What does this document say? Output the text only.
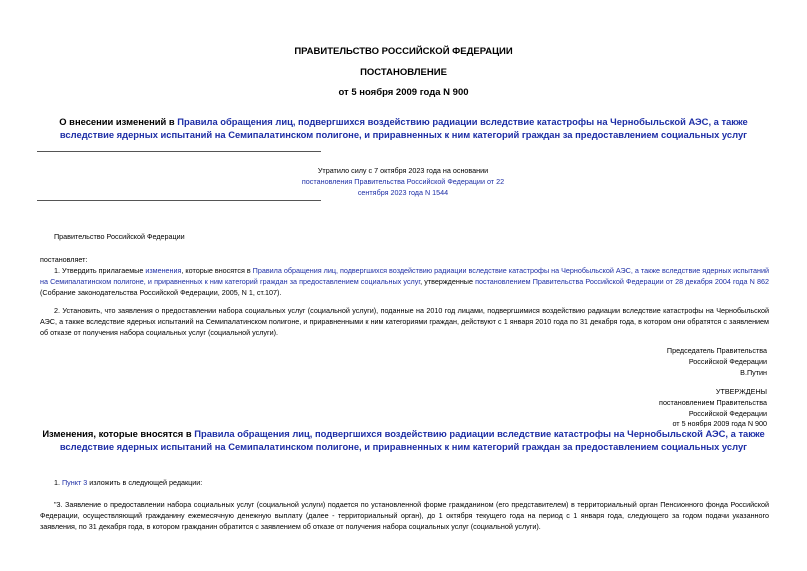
ПРАВИТЕЛЬСТВО РОССИЙСКОЙ ФЕДЕРАЦИИ
ПОСТАНОВЛЕНИЕ
от 5 ноября 2009 года N 900
О внесении изменений в Правила обращения лиц, подвергшихся воздействию радиации вследствие катастрофы на Чернобыльской АЭС, а также вследствие ядерных испытаний на Семипалатинском полигоне, и приравненных к ним категорий граждан за предоставлением социальных услуг
Утратило силу с 7 октября 2023 года на основании
постановления Правительства Российской Федерации от 22 сентября 2023 года N 1544
Правительство Российской Федерации
постановляет:
1. Утвердить прилагаемые изменения, которые вносятся в Правила обращения лиц, подвергшихся воздействию радиации вследствие катастрофы на Чернобыльской АЭС, а также вследствие ядерных испытаний на Семипалатинском полигоне, и приравненных к ним категорий граждан за предоставлением социальных услуг, утвержденные постановлением Правительства Российской Федерации от 28 декабря 2004 года N 862 (Собрание законодательства Российской Федерации, 2005, N 1, ст.107).
2. Установить, что заявления о предоставлении набора социальных услуг (социальной услуги), поданные на 2010 год лицами, подвергшимися воздействию радиации вследствие катастрофы на Чернобыльской АЭС, а также вследствие ядерных испытаний на Семипалатинском полигоне, и приравненными к ним категориями граждан, действуют с 1 января 2010 года по 31 декабря года, в котором они обратятся с заявлением об отказе от получения набора социальных услуг (социальной услуги).
Председатель Правительства
Российской Федерации
В.Путин
УТВЕРЖДЕНЫ
постановлением Правительства
Российской Федерации
от 5 ноября 2009 года N 900
Изменения, которые вносятся в Правила обращения лиц, подвергшихся воздействию радиации вследствие катастрофы на Чернобыльской АЭС, а также вследствие ядерных испытаний на Семипалатинском полигоне, и приравненных к ним категорий граждан за предоставлением социальных услуг
1. Пункт 3 изложить в следующей редакции:
"3. Заявление о предоставлении набора социальных услуг (социальной услуги) подается по установленной форме гражданином (его представителем) в территориальный орган Пенсионного фонда Российской Федерации, осуществляющий гражданину ежемесячную денежную выплату (далее - территориальный орган), до 1 октября текущего года на период с 1 января года, следующего за годом подачи указанного заявления, по 31 декабря года, в котором гражданин обратится с заявлением об отказе от получения набора социальных услуг (социальной услуги).
